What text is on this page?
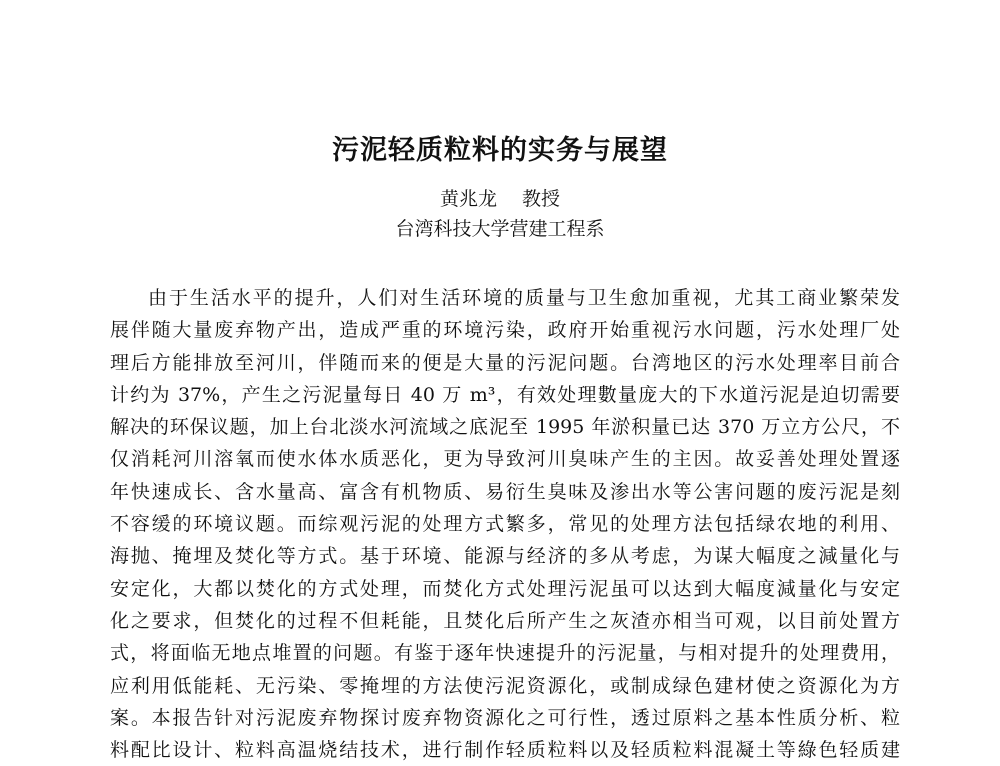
污泥轻质粒料的实务与展望
黄兆龙　 教授
台湾科技大学营建工程系
由于生活水平的提升，人们对生活环境的质量与卫生愈加重视，尤其工商业繁荣发
展伴随大量废弃物产出，造成严重的环境污染，政府开始重视污水问题，污水处理厂处
理后方能排放至河川，伴随而来的便是大量的污泥问题。台湾地区的污水处理率目前合
计约为 37%，产生之污泥量每日 40 万 m³，有效处理數量庞大的下水道污泥是迫切需要
解决的环保议题，加上台北淡水河流域之底泥至 1995 年淤积量已达 370 万立方公尺，不
仅消耗河川溶氧而使水体水质恶化，更为导致河川臭味产生的主因。故妥善处理处置逐
年快速成长、含水量高、富含有机物质、易衍生臭味及渗出水等公害问题的废污泥是刻
不容缓的环境议题。而综观污泥的处理方式繁多，常见的处理方法包括绿农地的利用、
海抛、掩埋及焚化等方式。基于环境、能源与经济的多从考虑，为谋大幅度之減量化与
安定化，大都以焚化的方式处理，而焚化方式处理污泥虽可以达到大幅度減量化与安定
化之要求，但焚化的过程不但耗能，且焚化后所产生之灰渣亦相当可观，以目前处置方
式，将面临无地点堆置的问题。有鉴于逐年快速提升的污泥量，与相对提升的处理费用，
应利用低能耗、无污染、零掩埋的方法使污泥资源化，或制成绿色建材使之资源化为方
案。本报告针对污泥废弃物探讨废弃物资源化之可行性，透过原料之基本性质分析、粒
料配比设计、粒料高温烧结技术，进行制作轻质粒料以及轻质粒料混凝土等綠色轻质建
